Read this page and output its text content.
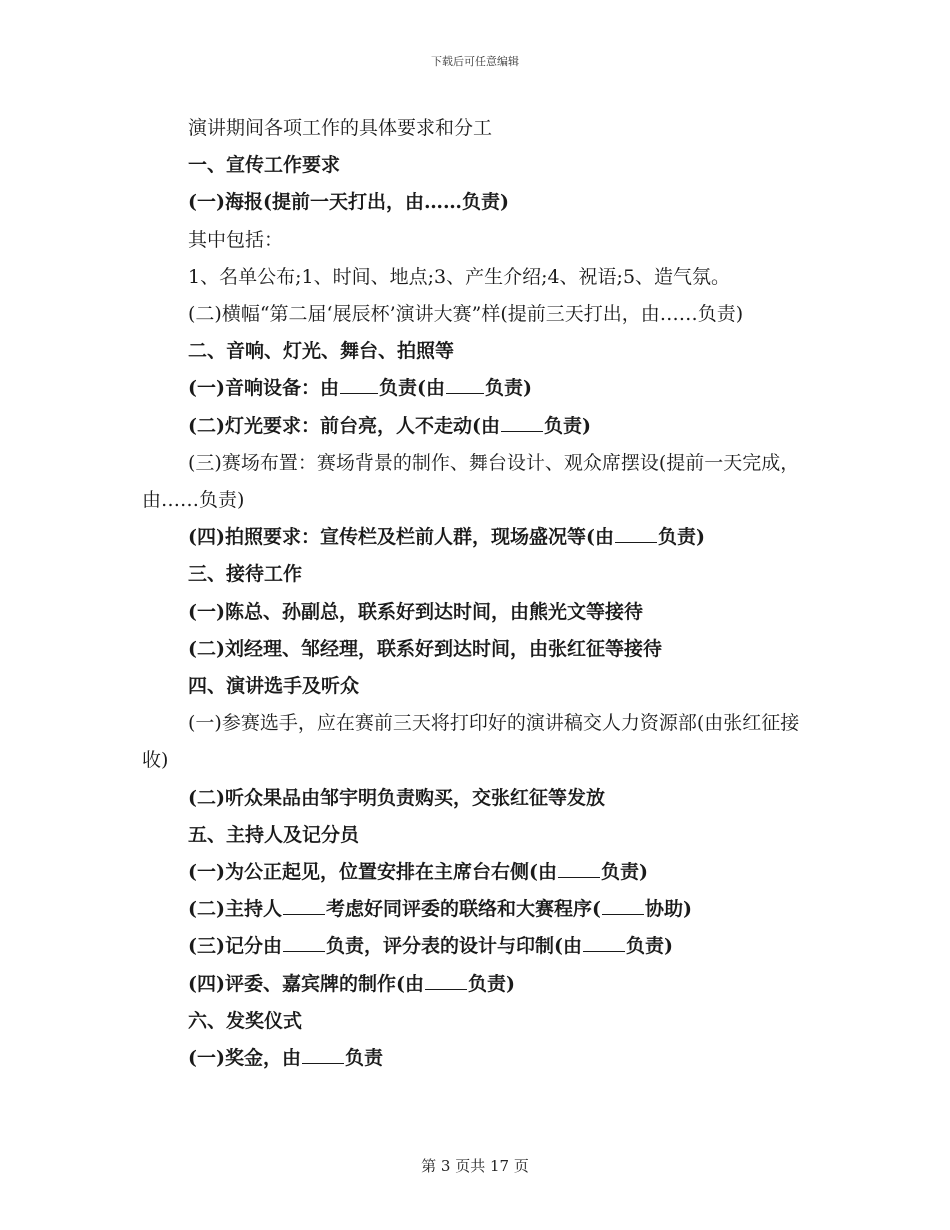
下载后可任意编辑

演讲期间各项工作的具体要求和分工

一、宣传工作要求

(一)海报(提前一天打出，由……负责)

其中包括：

1、名单公布;1、时间、地点;3、产生介绍;4、祝语;5、造气氛。

(二)横幅“第二届‘展辰杯’演讲大赛”样(提前三天打出，由……负责)

二、音响、灯光、舞台、拍照等

(一)音响设备：由 负责(由 负责)

(二)灯光要求：前台亮，人不走动(由 负责)

(三)赛场布置：赛场背景的制作、舞台设计、观众席摆设(提前一天完成，由……负责)

(四)拍照要求：宣传栏及栏前人群，现场盛况等(由 负责)

三、接待工作

(一)陈总、孙副总，联系好到达时间，由熊光文等接待

(二)刘经理、邹经理，联系好到达时间，由张红征等接待

四、演讲选手及听众

(一)参赛选手，应在赛前三天将打印好的演讲稿交人力资源部(由张红征接收)

(二)听众果品由邹宇明负责购买，交张红征等发放

五、主持人及记分员

(一)为公正起见，位置安排在主席台右侧(由 负责)

(二)主持人 考虑好同评委的联络和大赛程序( 协助)

(三)记分由 负责，评分表的设计与印制(由 负责)

(四)评委、嘉宾牌的制作(由 负责)

六、发奖仪式

(一)奖金，由 负责

第 3 页共 17 页
